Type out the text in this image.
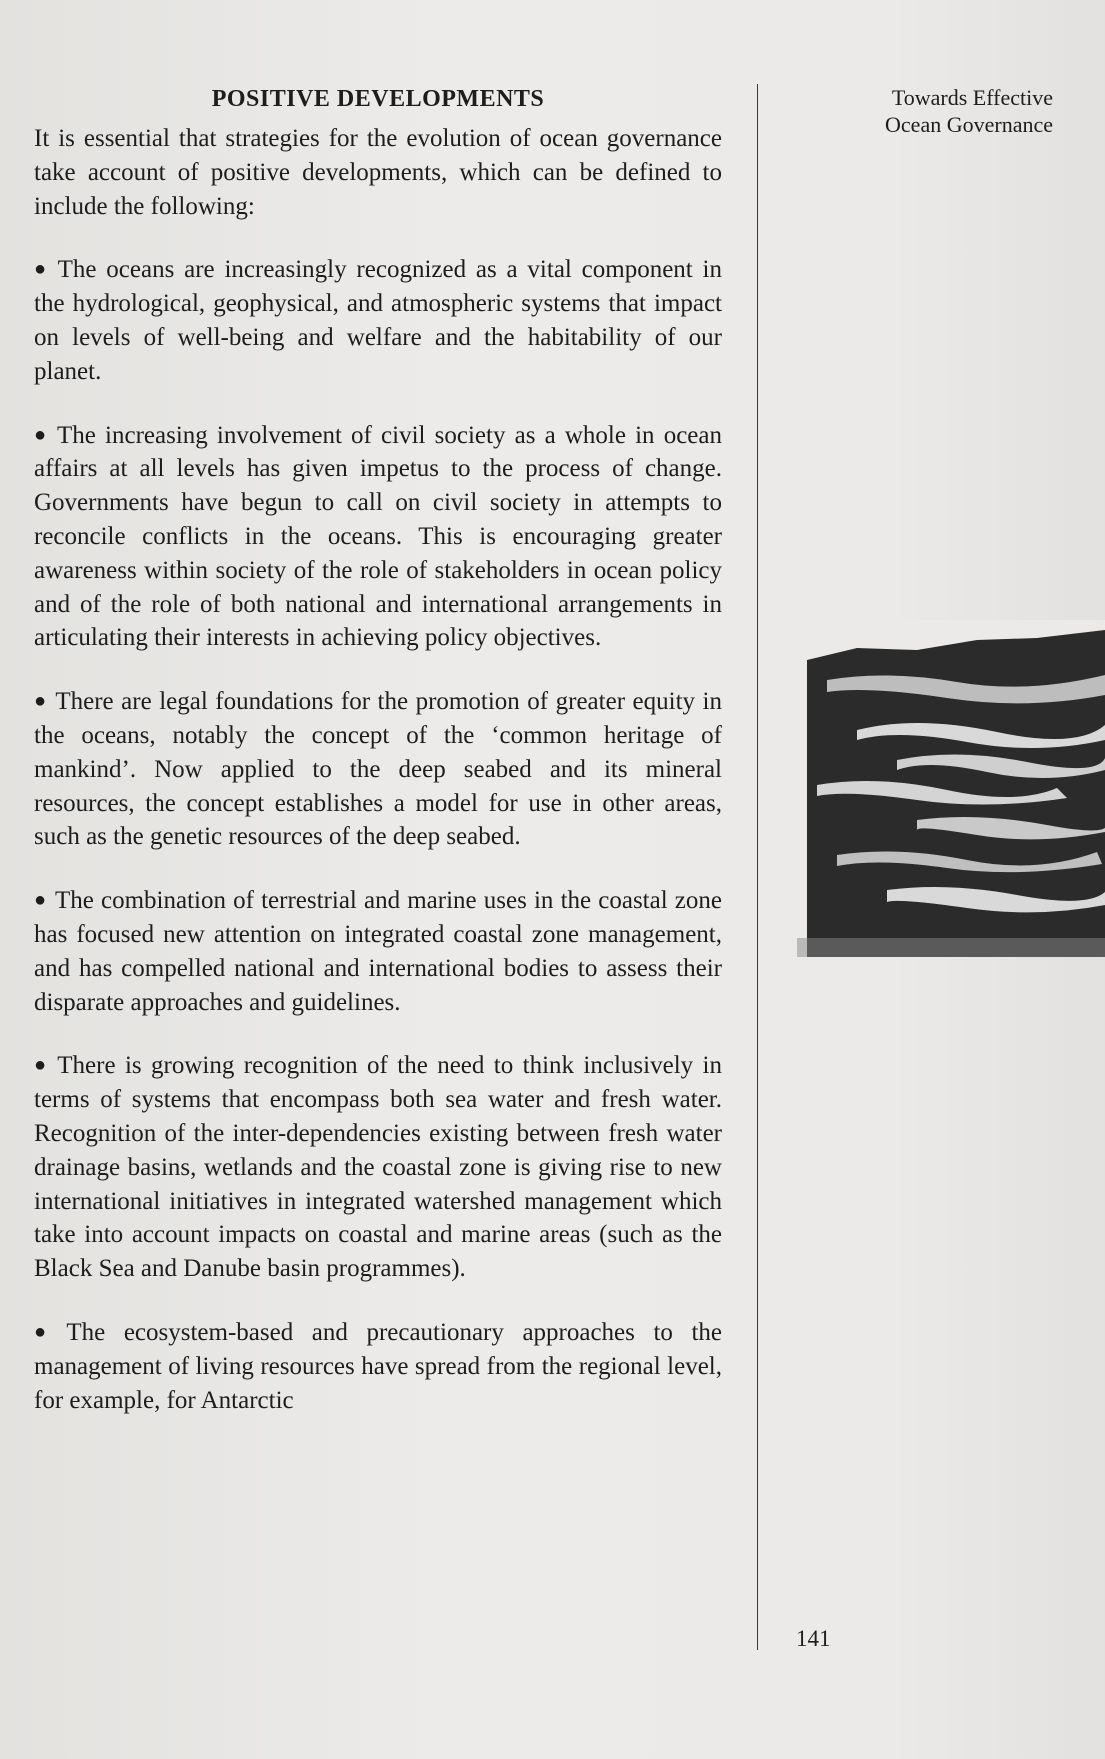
POSITIVE DEVELOPMENTS

It is essential that strategies for the evolution of ocean governance take account of positive developments, which can be defined to include the following:

● The oceans are increasingly recognized as a vital component in the hydrological, geophysical, and atmospheric systems that impact on levels of well-being and welfare and the habitability of our planet.

● The increasing involvement of civil society as a whole in ocean affairs at all levels has given impetus to the process of change. Governments have begun to call on civil society in attempts to reconcile conflicts in the oceans. This is encouraging greater awareness within society of the role of stakeholders in ocean policy and of the role of both national and international arrangements in articulating their interests in achieving policy objectives.

● There are legal foundations for the promotion of greater equity in the oceans, notably the concept of the ‘common heritage of mankind’. Now applied to the deep seabed and its mineral resources, the concept establishes a model for use in other areas, such as the genetic resources of the deep seabed.

● The combination of terrestrial and marine uses in the coastal zone has focused new attention on integrated coastal zone management, and has compelled national and international bodies to assess their disparate approaches and guidelines.

● There is growing recognition of the need to think inclusively in terms of systems that encompass both sea water and fresh water. Recognition of the inter-dependencies existing between fresh water drainage basins, wetlands and the coastal zone is giving rise to new international initiatives in integrated watershed management which take into account impacts on coastal and marine areas (such as the Black Sea and Danube basin programmes).

● The ecosystem-based and precautionary approaches to the management of living resources have spread from the regional level, for example, for Antarctic

Towards Effective
Ocean Governance
141
